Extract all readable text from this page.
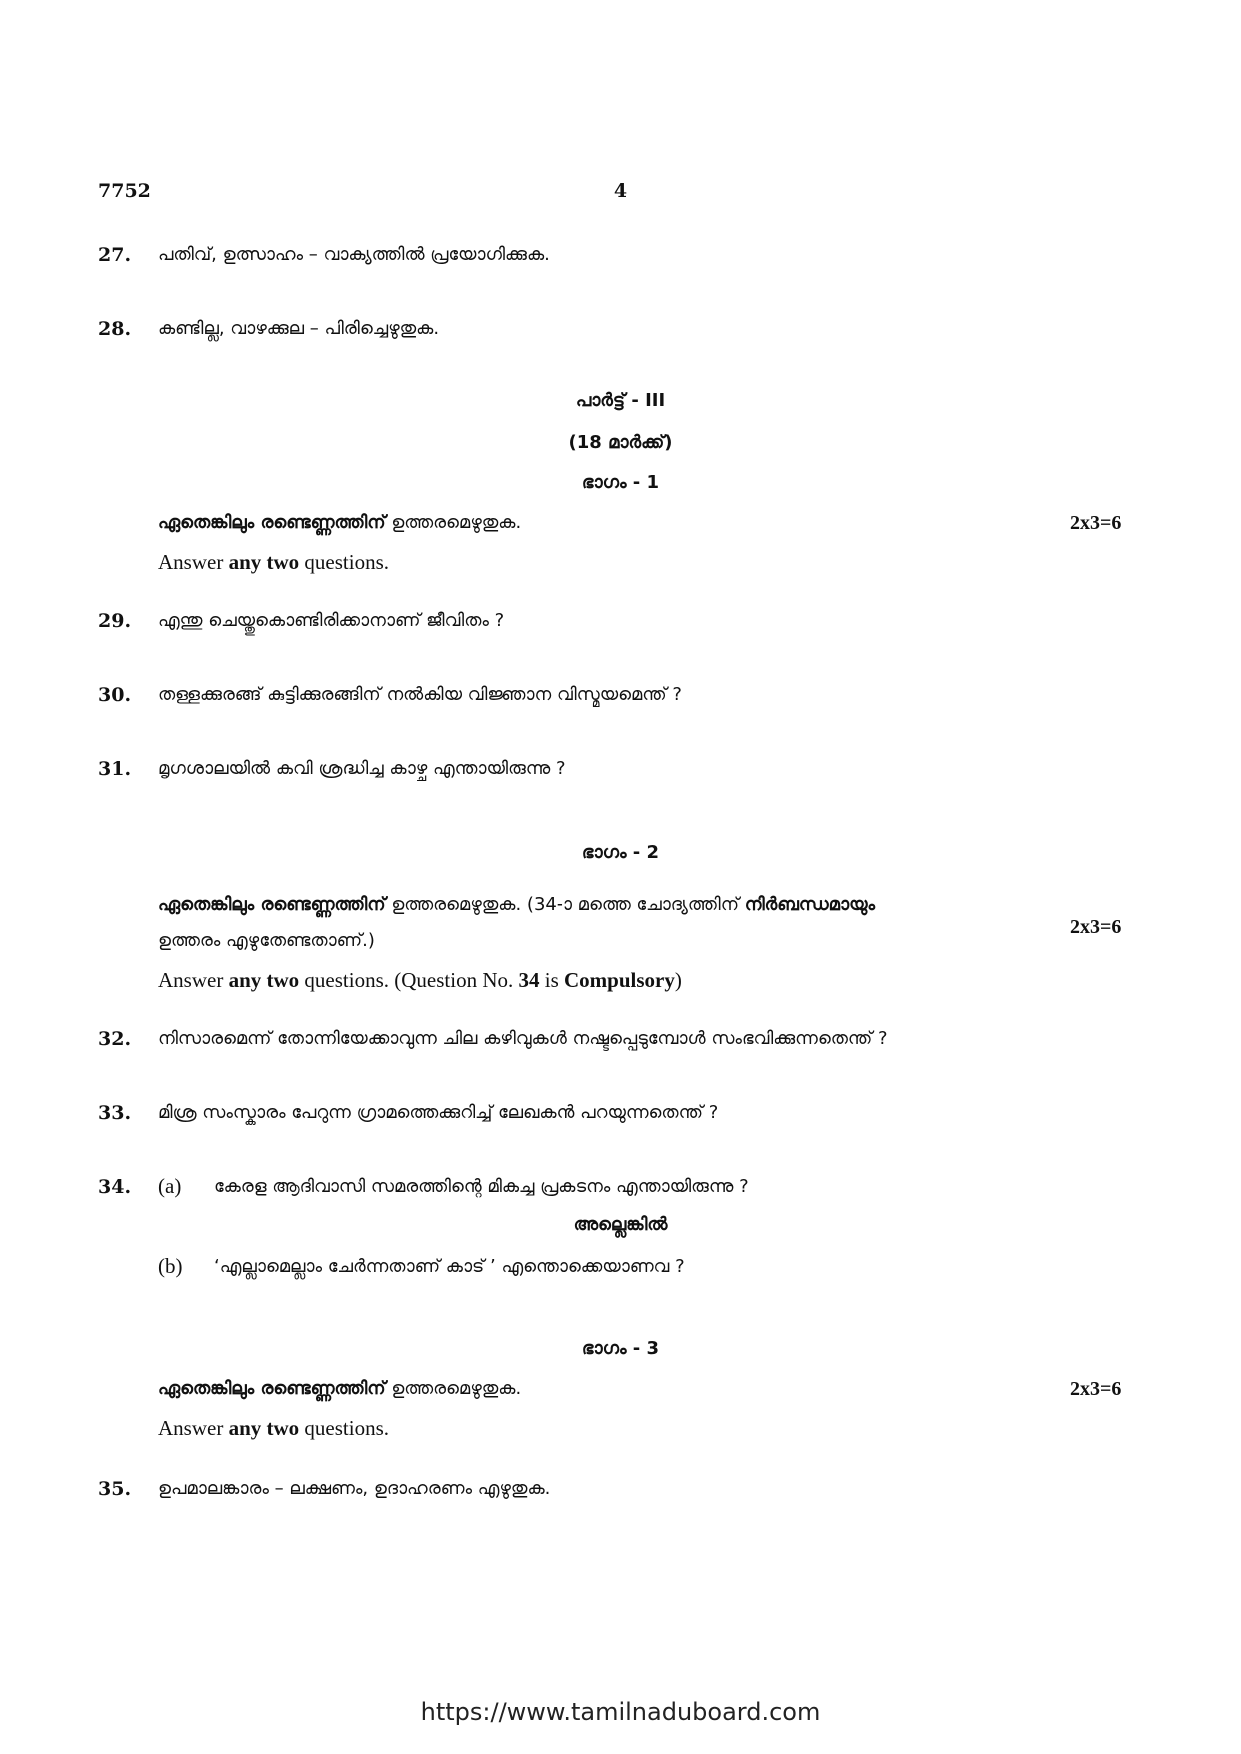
7752	4
27. പതിവ്, ഉത്സാഹം – വാക്യത്തിൽ പ്രയോഗിക്കുക.
28. കണ്ടില്ല, വാഴക്കുല – പിരിച്ചെഴുതുക.
പാർട്ട് - III
(18 മാർക്ക്)
ഭാഗം - 1
ഏതെങ്കിലും രണ്ടെണ്ണത്തിന് ഉത്തരമെഴുതുക.	2x3=6
Answer any two questions.
29. എന്തു ചെയ്തുകൊണ്ടിരിക്കാനാണ് ജീവിതം ?
30. തള്ളക്കുരങ്ങ് കുട്ടിക്കുരങ്ങിന് നൽകിയ വിജ്ഞാന വിസ്മയമെന്ത് ?
31. മൃഗശാലയിൽ കവി ശ്രദ്ധിച്ച കാഴ്ച എന്തായിരുന്നു ?
ഭാഗം - 2
ഏതെങ്കിലും രണ്ടെണ്ണത്തിന് ഉത്തരമെഴുതുക. (34-ാ മത്തെ ചോദ്യത്തിന് നിർബന്ധമായും
ഉത്തരം എഴുതേണ്ടതാണ്.)
2x3=6
Answer any two questions. (Question No. 34 is Compulsory)
32. നിസാരമെന്ന് തോന്നിയേക്കാവുന്ന ചില കഴിവുകൾ നഷ്ടപ്പെടുമ്പോൾ സംഭവിക്കുന്നതെന്ത് ?
33. മിശ്ര സംസ്കാരം പേറുന്ന ഗ്രാമത്തെക്കുറിച്ച് ലേഖകൻ പറയുന്നതെന്ത് ?
34. (a) കേരള ആദിവാസി സമരത്തിന്റെ മികച്ച പ്രകടനം എന്തായിരുന്നു ?
അല്ലെങ്കിൽ
(b) ‘എല്ലാമെല്ലാം ചേർന്നതാണ് കാട് ’ എന്തൊക്കെയാണവ ?
ഭാഗം - 3
ഏതെങ്കിലും രണ്ടെണ്ണത്തിന് ഉത്തരമെഴുതുക.	2x3=6
Answer any two questions.
35. ഉപമാലങ്കാരം – ലക്ഷണം, ഉദാഹരണം എഴുതുക.
https://www.tamilnaduboard.com
